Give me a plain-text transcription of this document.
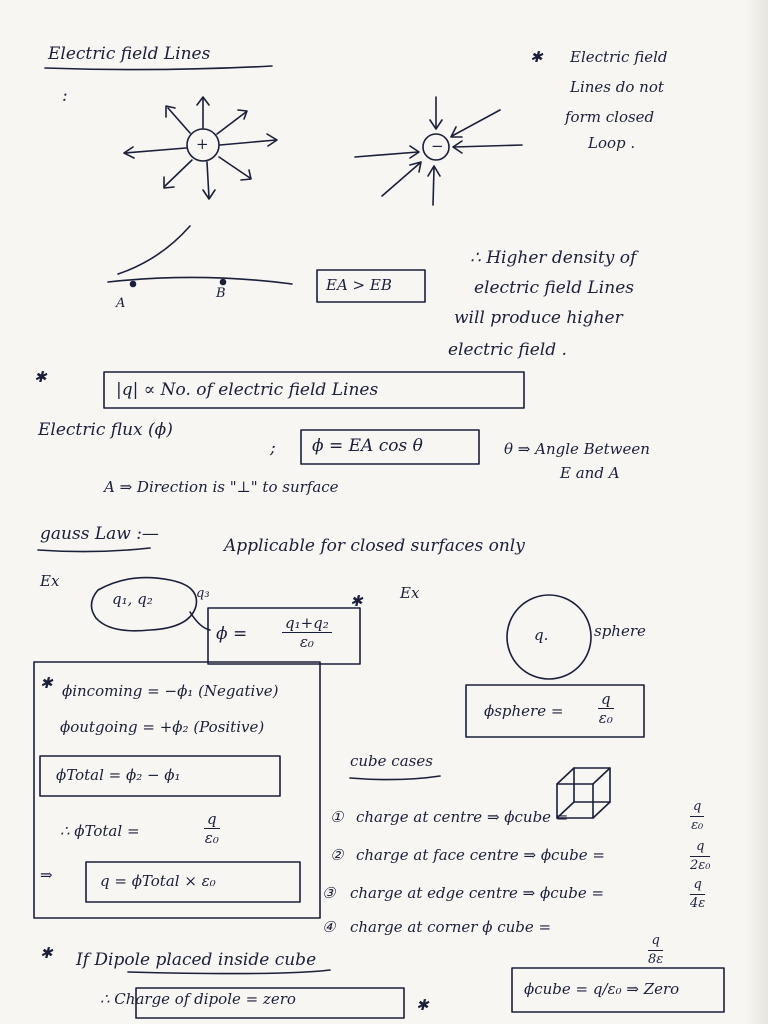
Electric field Lines
:
+	−
✱ Electric field
Lines do not
form closed
Loop .
A
B	EA > EB
∴ Higher density of
electric field Lines
will produce higher
electric field .
✱
|q| ∝ No. of electric field Lines
Electric flux (ϕ)
; ϕ = EA cos θ	θ ⇒ Angle Between
E and A
A ⇒ Direction is "⊥" to surface
gauss Law :—
Applicable for closed surfaces only
Ex
q₁, q₂	q₃
$\phi = \frac{\text{q₁+q₂}}{\text{ε₀}}$
✱ Ex
q.	sphere
ϕsphere = $\frac{q}{\text{ε₀}}$
✱ ϕincoming = −ϕ₁ (Negative)
ϕoutgoing = +ϕ₂ (Positive)
ϕTotal = ϕ₂ − ϕ₁
∴ ϕTotal =	$\frac{q}{\text{ε₀}}$
⇒	q = ϕTotal × ε₀
cube cases
① charge at centre ⇒ ϕcube =	$\frac{q}{\text{ε₀}}$
② charge at face centre ⇒ ϕcube =	$\frac{q}{\text{2ε₀}}$
③ charge at edge centre ⇒ ϕcube =	$\frac{q}{4\varepsilon}$
④ charge at corner ϕ cube =
$\frac{q}{8\varepsilon}$
✱ If Dipole placed inside cube
∴ Charge of dipole = zero	✱
ϕcube = q/ε₀ ⇒ Zero
